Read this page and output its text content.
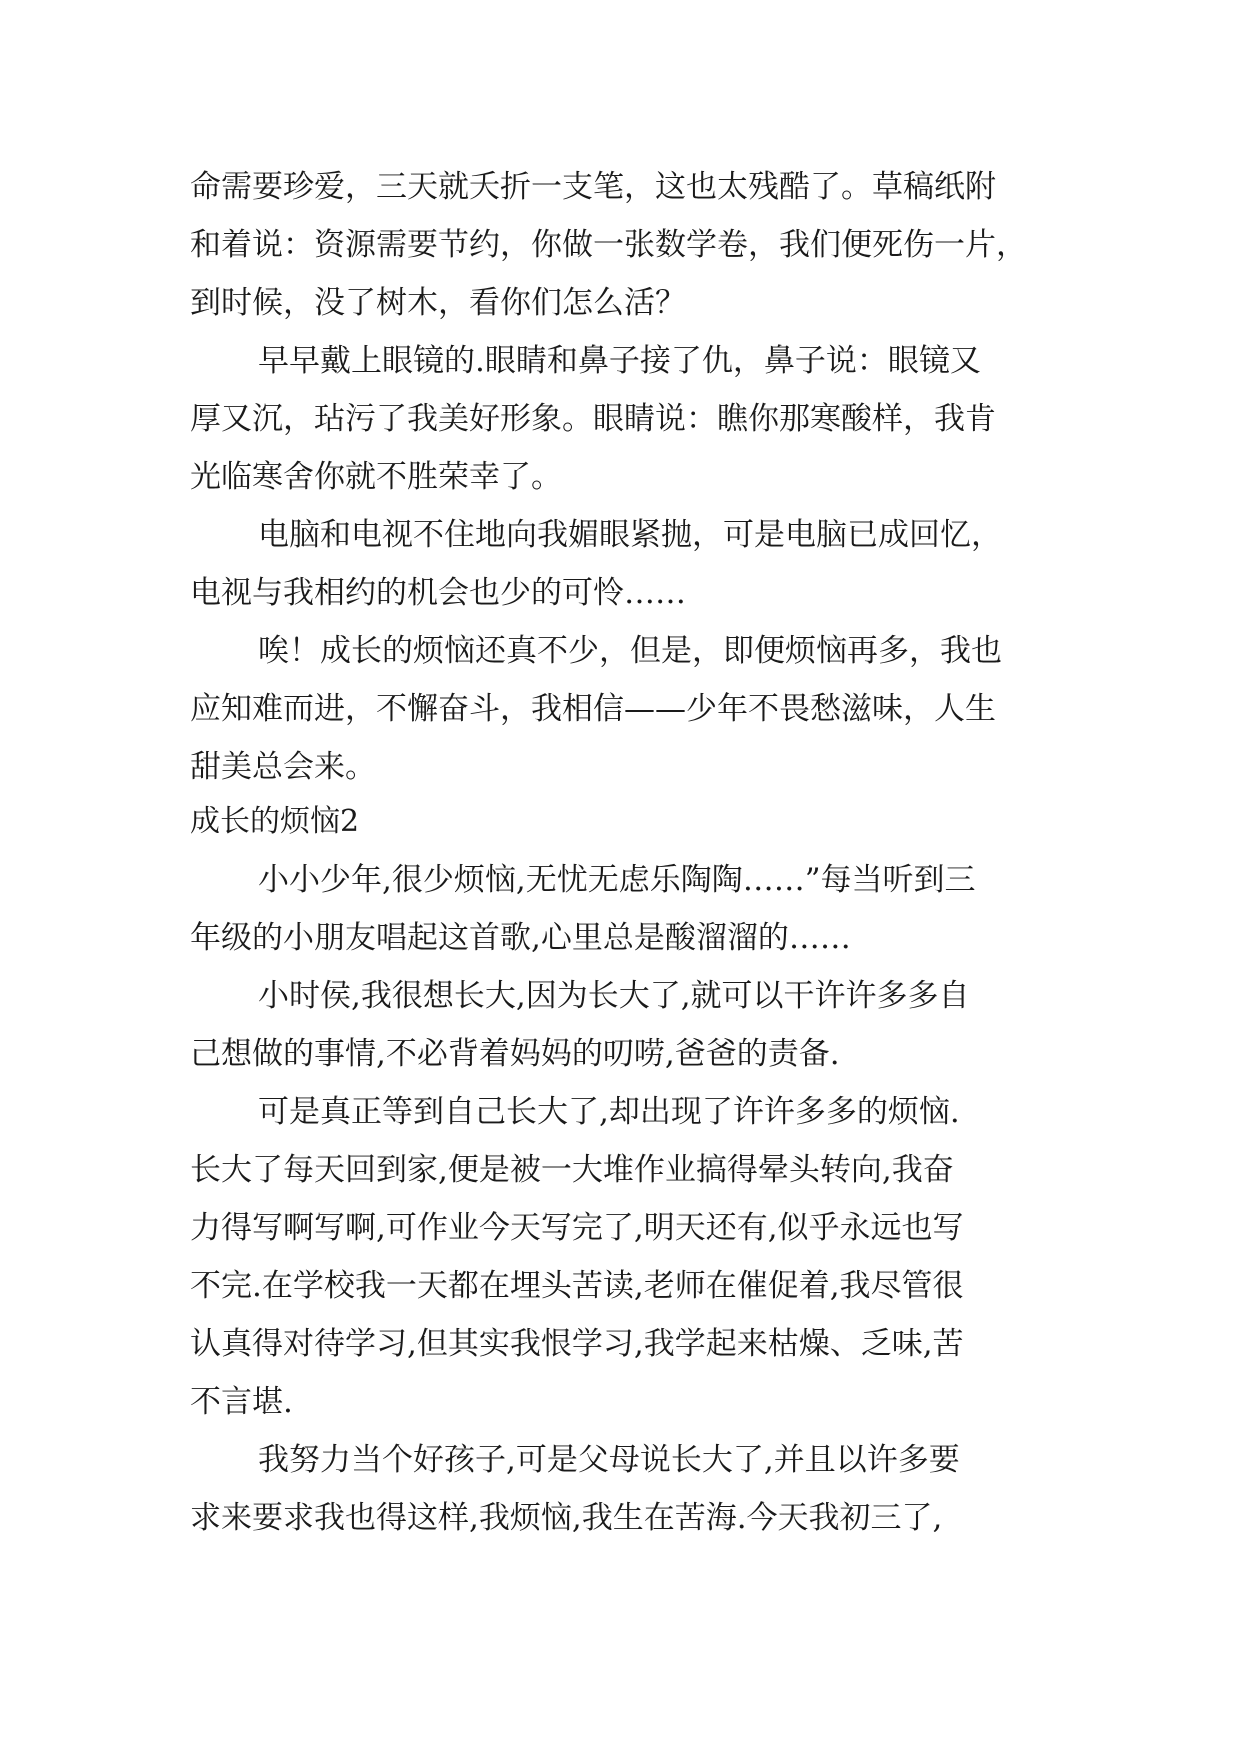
命需要珍爱，三天就夭折一支笔，这也太残酷了。草稿纸附
和着说：资源需要节约，你做一张数学卷，我们便死伤一片，
到时候，没了树木，看你们怎么活？
早早戴上眼镜的.眼睛和鼻子接了仇，鼻子说：眼镜又
厚又沉，玷污了我美好形象。眼睛说：瞧你那寒酸样，我肯
光临寒舍你就不胜荣幸了。
电脑和电视不住地向我媚眼紧抛，可是电脑已成回忆，
电视与我相约的机会也少的可怜……
唉！成长的烦恼还真不少，但是，即便烦恼再多，我也
应知难而进，不懈奋斗，我相信——少年不畏愁滋味，人生
甜美总会来。
成长的烦恼2
小小少年,很少烦恼,无忧无虑乐陶陶……”每当听到三
年级的小朋友唱起这首歌,心里总是酸溜溜的……
小时侯,我很想长大,因为长大了,就可以干许许多多自
己想做的事情,不必背着妈妈的叨唠,爸爸的责备.
可是真正等到自己长大了,却出现了许许多多的烦恼.
长大了每天回到家,便是被一大堆作业搞得晕头转向,我奋
力得写啊写啊,可作业今天写完了,明天还有,似乎永远也写
不完.在学校我一天都在埋头苦读,老师在催促着,我尽管很
认真得对待学习,但其实我恨学习,我学起来枯燥、乏味,苦
不言堪.
我努力当个好孩子,可是父母说长大了,并且以许多要
求来要求我也得这样,我烦恼,我生在苦海.今天我初三了,
